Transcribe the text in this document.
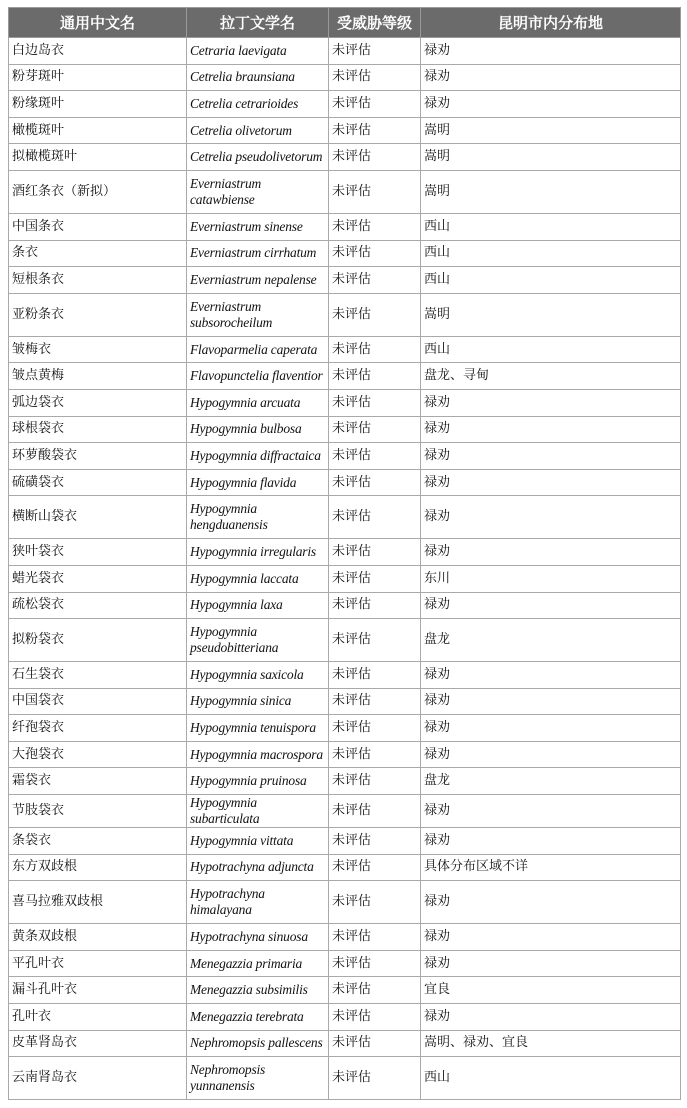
通用中文名	拉丁文学名	受威胁等级	昆明市内分布地
白边岛衣	Cetraria laevigata	未评估	禄劝
粉芽斑叶	Cetrelia braunsiana	未评估	禄劝
粉缘斑叶	Cetrelia cetrarioides	未评估	禄劝
橄榄斑叶	Cetrelia olivetorum	未评估	嵩明
拟橄榄斑叶	Cetrelia pseudolivetorum	未评估	嵩明
酒红条衣（新拟）	Everniastrum catawbiense	未评估	嵩明
中国条衣	Everniastrum sinense	未评估	西山
条衣	Everniastrum cirrhatum	未评估	西山
短根条衣	Everniastrum nepalense	未评估	西山
亚粉条衣	Everniastrum subsorocheilum	未评估	嵩明
皱梅衣	Flavoparmelia caperata	未评估	西山
皱点黄梅	Flavopunctelia flaventior	未评估	盘龙、寻甸
弧边袋衣	Hypogymnia arcuata	未评估	禄劝
球根袋衣	Hypogymnia bulbosa	未评估	禄劝
环萝酸袋衣	Hypogymnia diffractaica	未评估	禄劝
硫磺袋衣	Hypogymnia flavida	未评估	禄劝
横断山袋衣	Hypogymnia hengduanensis	未评估	禄劝
狭叶袋衣	Hypogymnia irregularis	未评估	禄劝
蜡光袋衣	Hypogymnia laccata	未评估	东川
疏松袋衣	Hypogymnia laxa	未评估	禄劝
拟粉袋衣	Hypogymnia pseudobitteriana	未评估	盘龙
石生袋衣	Hypogymnia saxicola	未评估	禄劝
中国袋衣	Hypogymnia sinica	未评估	禄劝
纤孢袋衣	Hypogymnia tenuispora	未评估	禄劝
大孢袋衣	Hypogymnia macrospora	未评估	禄劝
霜袋衣	Hypogymnia pruinosa	未评估	盘龙
节肢袋衣	Hypogymnia subarticulata	未评估	禄劝
条袋衣	Hypogymnia vittata	未评估	禄劝
东方双歧根	Hypotrachyna adjuncta	未评估	具体分布区域不详
喜马拉雅双歧根	Hypotrachyna himalayana	未评估	禄劝
黄条双歧根	Hypotrachyna sinuosa	未评估	禄劝
平孔叶衣	Menegazzia primaria	未评估	禄劝
漏斗孔叶衣	Menegazzia subsimilis	未评估	宜良
孔叶衣	Menegazzia terebrata	未评估	禄劝
皮革肾岛衣	Nephromopsis pallescens	未评估	嵩明、禄劝、宜良
云南肾岛衣	Nephromopsis yunnanensis	未评估	西山
